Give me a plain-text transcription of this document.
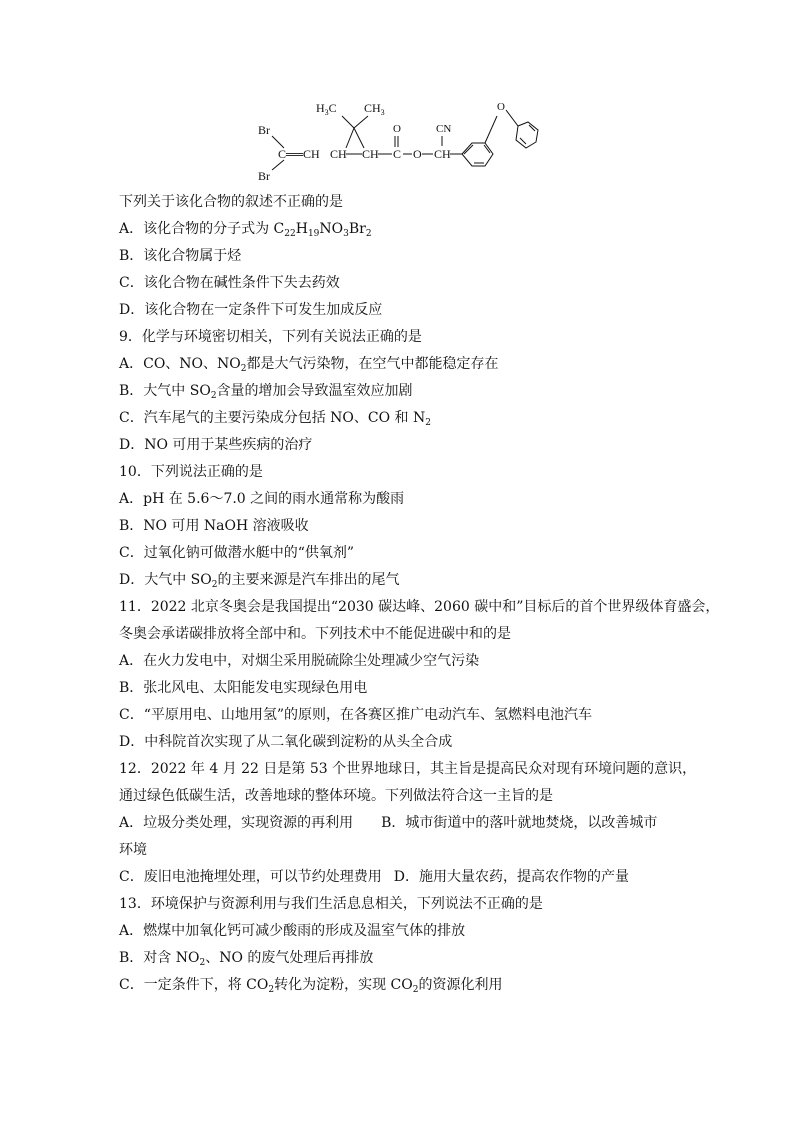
$H_3C$ $CH_3$
Br
Br
C══CH CH CH
O
C O
CN
CH
O
下列关于该化合物的叙述不正确的是
A．该化合物的分子式为 $C_{22}H_{19}NO_3Br_2$
B．该化合物属于烃
C．该化合物在碱性条件下失去药效
D．该化合物在一定条件下可发生加成反应
9．化学与环境密切相关，下列有关说法正确的是
A．CO、NO、$NO_2$都是大气污染物，在空气中都能稳定存在
B．大气中 $SO_2$含量的增加会导致温室效应加剧
C．汽车尾气的主要污染成分包括 NO、CO 和 $N_2$
D．NO 可用于某些疾病的治疗
10．下列说法正确的是
A．pH 在 5.6～7.0 之间的雨水通常称为酸雨
B．NO 可用 NaOH 溶液吸收
C．过氧化钠可做潜水艇中的“供氧剂”
D．大气中 $SO_2$的主要来源是汽车排出的尾气
11．2022 北京冬奥会是我国提出“2030 碳达峰、2060 碳中和”目标后的首个世界级体育盛会，
冬奥会承诺碳排放将全部中和。下列技术中不能促进碳中和的是
A．在火力发电中，对烟尘采用脱硫除尘处理减少空气污染
B．张北风电、太阳能发电实现绿色用电
C．“平原用电、山地用氢”的原则，在各赛区推广电动汽车、氢燃料电池汽车
D．中科院首次实现了从二氧化碳到淀粉的从头全合成
12．2022 年 4 月 22 日是第 53 个世界地球日，其主旨是提高民众对现有环境问题的意识，
通过绿色低碳生活，改善地球的整体环境。下列做法符合这一主旨的是
A．垃圾分类处理，实现资源的再利用 B．城市街道中的落叶就地焚烧，以改善城市
环境
C．废旧电池掩埋处理，可以节约处理费用 D．施用大量农药，提高农作物的产量
13．环境保护与资源利用与我们生活息息相关，下列说法不正确的是
A．燃煤中加氧化钙可减少酸雨的形成及温室气体的排放
B．对含 $NO_2$、NO 的废气处理后再排放
C．一定条件下，将 $CO_2$转化为淀粉，实现 $CO_2$的资源化利用
